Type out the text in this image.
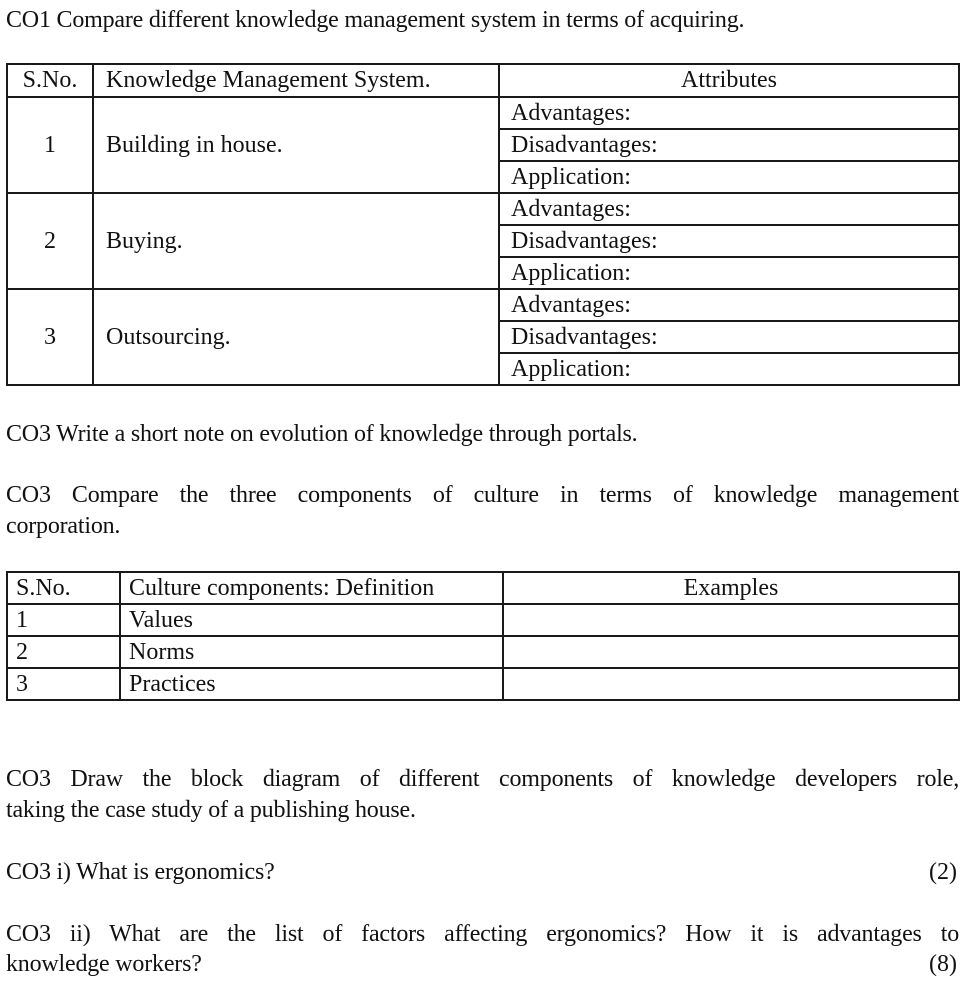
CO1 Compare different knowledge management system in terms of acquiring.
S.No.	Knowledge Management System.	Attributes
1	Building in house.	Advantages:
		Disadvantages:
		Application:
2	Buying.	Advantages:
		Disadvantages:
		Application:
3	Outsourcing.	Advantages:
		Disadvantages:
		Application:
CO3 Write a short note on evolution of knowledge through portals.
CO3 Compare the three components of culture in terms of knowledge management
corporation.
S.No.	Culture components: Definition	Examples
1	Values	
2	Norms	
3	Practices	
CO3 Draw the block diagram of different components of knowledge developers role,
taking the case study of a publishing house.
CO3 i) What is ergonomics?	(2)
CO3 ii) What are the list of factors affecting ergonomics? How it is advantages to
knowledge workers?	(8)
